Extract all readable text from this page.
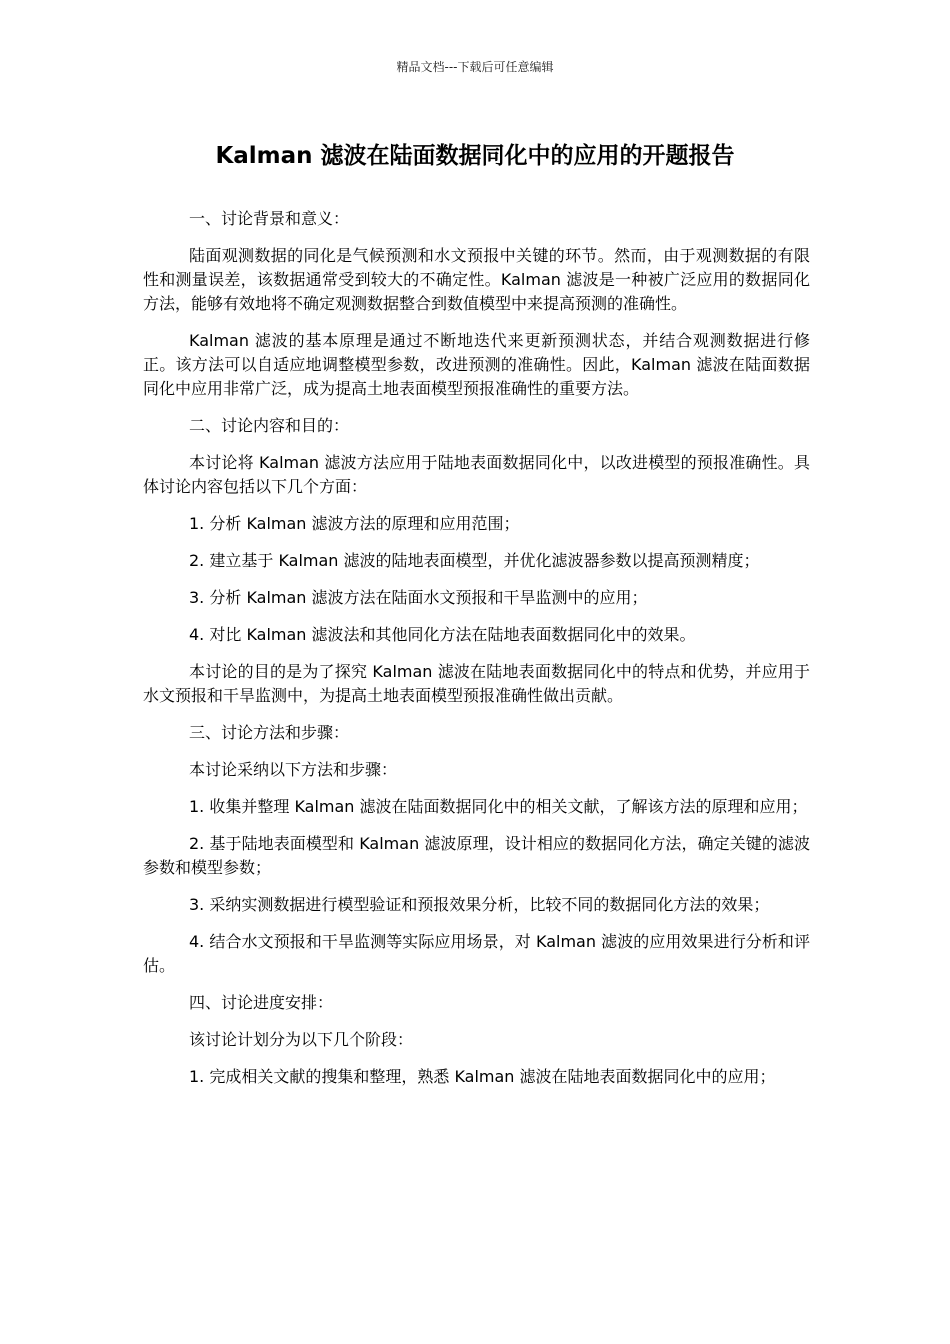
精品文档---下载后可任意编辑
Kalman 滤波在陆面数据同化中的应用的开题报告

一、讨论背景和意义：

陆面观测数据的同化是气候预测和水文预报中关键的环节。然而，由于观测数据的有限性和测量误差，该数据通常受到较大的不确定性。Kalman 滤波是一种被广泛应用的数据同化方法，能够有效地将不确定观测数据整合到数值模型中来提高预测的准确性。

Kalman 滤波的基本原理是通过不断地迭代来更新预测状态，并结合观测数据进行修正。该方法可以自适应地调整模型参数，改进预测的准确性。因此，Kalman 滤波在陆面数据同化中应用非常广泛，成为提高土地表面模型预报准确性的重要方法。

二、讨论内容和目的：

本讨论将 Kalman 滤波方法应用于陆地表面数据同化中，以改进模型的预报准确性。具体讨论内容包括以下几个方面：

1. 分析 Kalman 滤波方法的原理和应用范围；

2. 建立基于 Kalman 滤波的陆地表面模型，并优化滤波器参数以提高预测精度；

3. 分析 Kalman 滤波方法在陆面水文预报和干旱监测中的应用；

4. 对比 Kalman 滤波法和其他同化方法在陆地表面数据同化中的效果。

本讨论的目的是为了探究 Kalman 滤波在陆地表面数据同化中的特点和优势，并应用于水文预报和干旱监测中，为提高土地表面模型预报准确性做出贡献。

三、讨论方法和步骤：

本讨论采纳以下方法和步骤：

1. 收集并整理 Kalman 滤波在陆面数据同化中的相关文献，了解该方法的原理和应用；

2. 基于陆地表面模型和 Kalman 滤波原理，设计相应的数据同化方法，确定关键的滤波参数和模型参数；

3. 采纳实测数据进行模型验证和预报效果分析，比较不同的数据同化方法的效果；

4. 结合水文预报和干旱监测等实际应用场景，对 Kalman 滤波的应用效果进行分析和评估。

四、讨论进度安排：

该讨论计划分为以下几个阶段：

1. 完成相关文献的搜集和整理，熟悉 Kalman 滤波在陆地表面数据同化中的应用；
